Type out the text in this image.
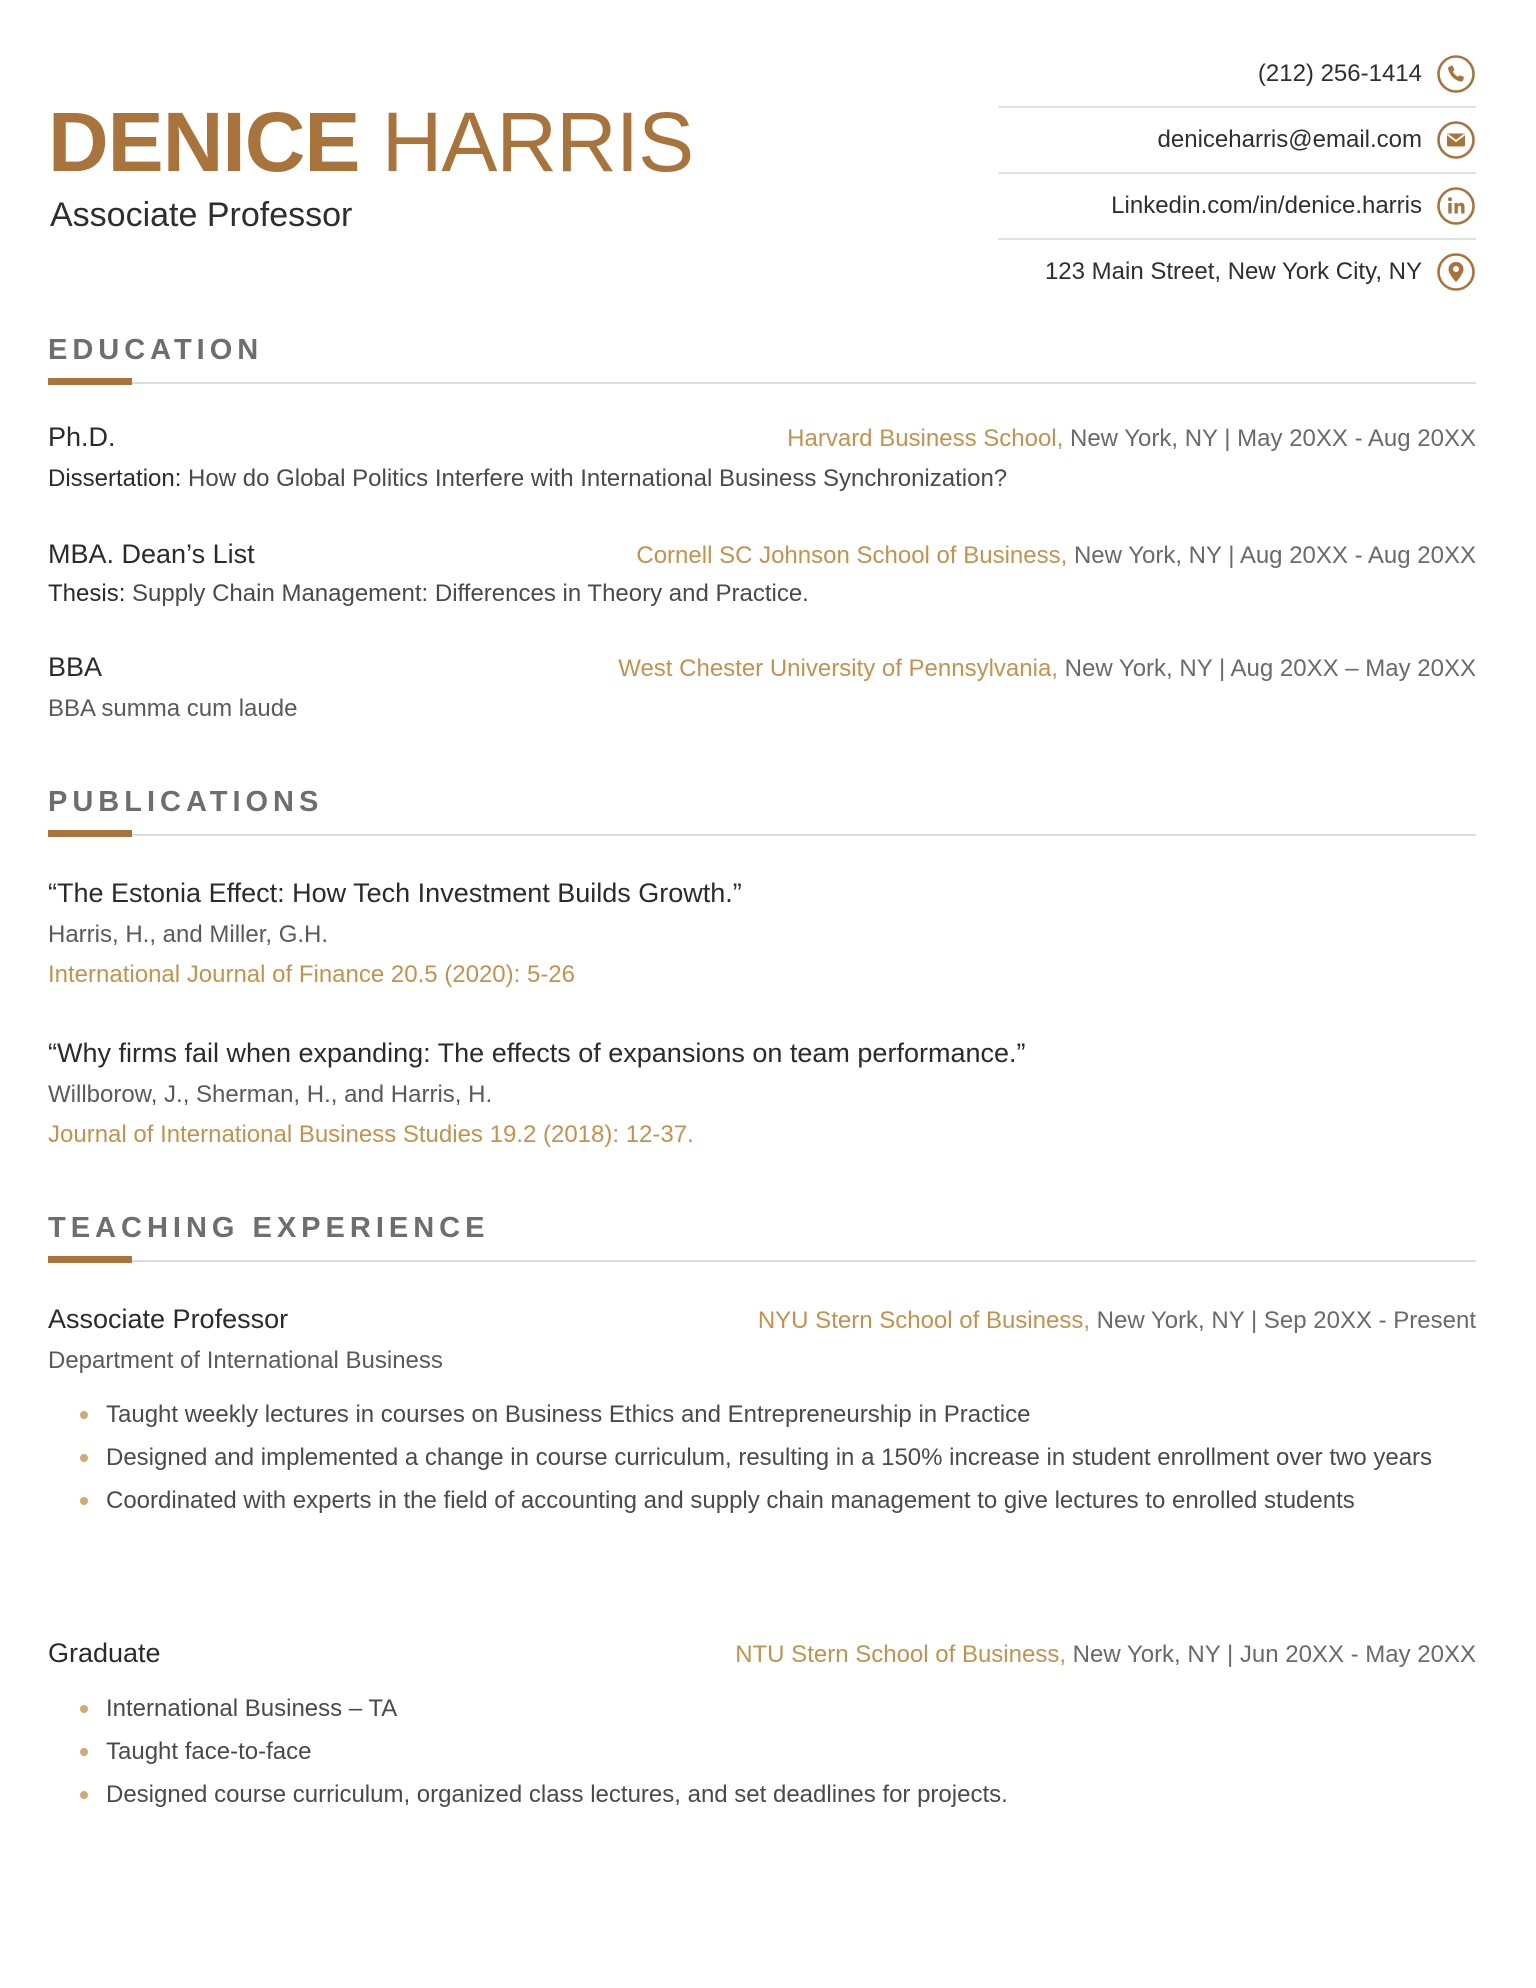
DENICE HARRIS
Associate Professor
(212) 256-1414
deniceharris@email.com
Linkedin.com/in/denice.harris
123 Main Street, New York City, NY
EDUCATION
Ph.D.	Harvard Business School, New York, NY | May 20XX - Aug 20XX
Dissertation: How do Global Politics Interfere with International Business Synchronization?
MBA. Dean’s List	Cornell SC Johnson School of Business, New York, NY | Aug 20XX - Aug 20XX
Thesis: Supply Chain Management: Differences in Theory and Practice.
BBA	West Chester University of Pennsylvania, New York, NY | Aug 20XX – May 20XX
BBA summa cum laude
PUBLICATIONS
“The Estonia Effect: How Tech Investment Builds Growth.”
Harris, H., and Miller, G.H.
International Journal of Finance 20.5 (2020): 5-26
“Why firms fail when expanding: The effects of expansions on team performance.”
Willborow, J., Sherman, H., and Harris, H.
Journal of International Business Studies 19.2 (2018): 12-37.
TEACHING EXPERIENCE
Associate Professor	NYU Stern School of Business, New York, NY | Sep 20XX - Present
Department of International Business
Taught weekly lectures in courses on Business Ethics and Entrepreneurship in Practice
Designed and implemented a change in course curriculum, resulting in a 150% increase in student enrollment over two years
Coordinated with experts in the field of accounting and supply chain management to give lectures to enrolled students
Graduate	NTU Stern School of Business, New York, NY | Jun 20XX - May 20XX
International Business – TA
Taught face-to-face
Designed course curriculum, organized class lectures, and set deadlines for projects.
